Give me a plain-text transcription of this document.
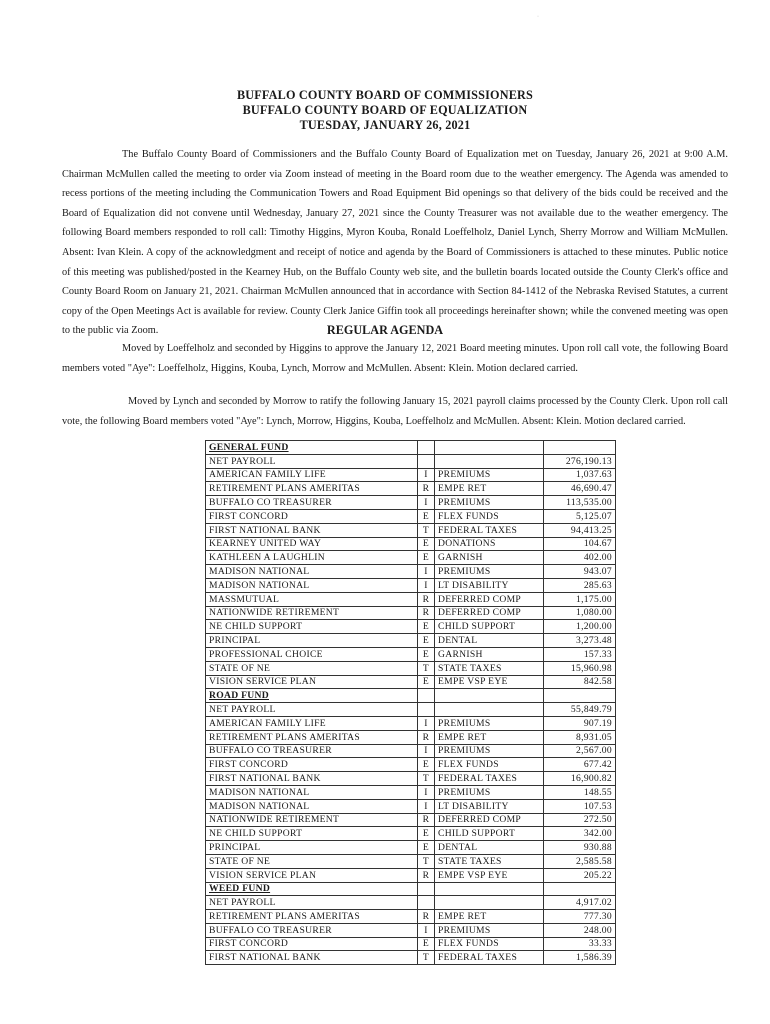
·
BUFFALO COUNTY BOARD OF COMMISSIONERS
BUFFALO COUNTY BOARD OF EQUALIZATION
TUESDAY, JANUARY 26, 2021
The Buffalo County Board of Commissioners and the Buffalo County Board of Equalization met on Tuesday, January 26, 2021 at 9:00 A.M. Chairman McMullen called the meeting to order via Zoom instead of meeting in the Board room due to the weather emergency. The Agenda was amended to recess portions of the meeting including the Communication Towers and Road Equipment Bid openings so that delivery of the bids could be received and the Board of Equalization did not convene until Wednesday, January 27, 2021 since the County Treasurer was not available due to the weather emergency. The following Board members responded to roll call: Timothy Higgins, Myron Kouba, Ronald Loeffelholz, Daniel Lynch, Sherry Morrow and William McMullen. Absent: Ivan Klein. A copy of the acknowledgment and receipt of notice and agenda by the Board of Commissioners is attached to these minutes. Public notice of this meeting was published/posted in the Kearney Hub, on the Buffalo County web site, and the bulletin boards located outside the County Clerk's office and County Board Room on January 21, 2021. Chairman McMullen announced that in accordance with Section 84-1412 of the Nebraska Revised Statutes, a current copy of the Open Meetings Act is available for review. County Clerk Janice Giffin took all proceedings hereinafter shown; while the convened meeting was open to the public via Zoom.	REGULAR AGENDA
Moved by Loeffelholz and seconded by Higgins to approve the January 12, 2021 Board meeting minutes. Upon roll call vote, the following Board members voted "Aye": Loeffelholz, Higgins, Kouba, Lynch, Morrow and McMullen. Absent: Klein. Motion declared carried.
Moved by Lynch and seconded by Morrow to ratify the following January 15, 2021 payroll claims processed by the County Clerk. Upon roll call vote, the following Board members voted "Aye": Lynch, Morrow, Higgins, Kouba, Loeffelholz and McMullen. Absent: Klein. Motion declared carried.
GENERAL FUND			
NET PAYROLL			276,190.13
AMERICAN FAMILY LIFE	I	PREMIUMS	1,037.63
RETIREMENT PLANS AMERITAS	R	EMPE RET	46,690.47
BUFFALO CO TREASURER	I	PREMIUMS	113,535.00
FIRST CONCORD	E	FLEX FUNDS	5,125.07
FIRST NATIONAL BANK	T	FEDERAL TAXES	94,413.25
KEARNEY UNITED WAY	E	DONATIONS	104.67
KATHLEEN A LAUGHLIN	E	GARNISH	402.00
MADISON NATIONAL	I	PREMIUMS	943.07
MADISON NATIONAL	I	LT DISABILITY	285.63
MASSMUTUAL	R	DEFERRED COMP	1,175.00
NATIONWIDE RETIREMENT	R	DEFERRED COMP	1,080.00
NE CHILD SUPPORT	E	CHILD SUPPORT	1,200.00
PRINCIPAL	E	DENTAL	3,273.48
PROFESSIONAL CHOICE	E	GARNISH	157.33
STATE OF NE	T	STATE TAXES	15,960.98
VISION SERVICE PLAN	E	EMPE VSP EYE	842.58
ROAD FUND			
NET PAYROLL			55,849.79
AMERICAN FAMILY LIFE	I	PREMIUMS	907.19
RETIREMENT PLANS AMERITAS	R	EMPE RET	8,931.05
BUFFALO CO TREASURER	I	PREMIUMS	2,567.00
FIRST CONCORD	E	FLEX FUNDS	677.42
FIRST NATIONAL BANK	T	FEDERAL TAXES	16,900.82
MADISON NATIONAL	I	PREMIUMS	148.55
MADISON NATIONAL	I	LT DISABILITY	107.53
NATIONWIDE RETIREMENT	R	DEFERRED COMP	272.50
NE CHILD SUPPORT	E	CHILD SUPPORT	342.00
PRINCIPAL	E	DENTAL	930.88
STATE OF NE	T	STATE TAXES	2,585.58
VISION SERVICE PLAN	R	EMPE VSP EYE	205.22
WEED FUND			
NET PAYROLL			4,917.02
RETIREMENT PLANS AMERITAS	R	EMPE RET	777.30
BUFFALO CO TREASURER	I	PREMIUMS	248.00
FIRST CONCORD	E	FLEX FUNDS	33.33
FIRST NATIONAL BANK	T	FEDERAL TAXES	1,586.39
